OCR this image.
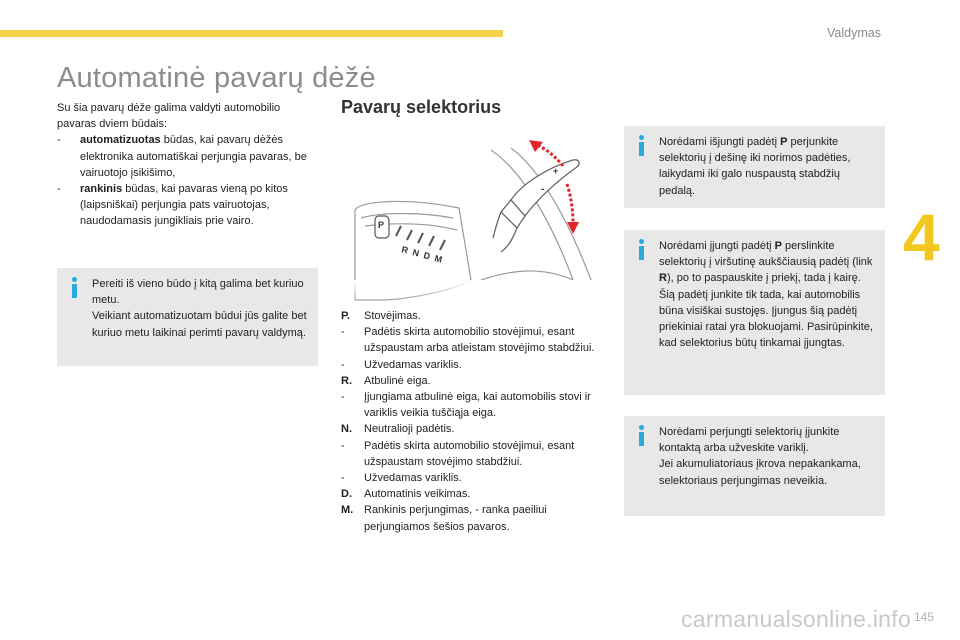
Valdymas
4
Automatinė pavarų dėžė
Su šia pavarų dėže galima valdyti automobilio pavaras dviem būdais:
-	automatizuotas būdas, kai pavarų dėžės elektronika automatiškai perjungia pavaras, be vairuotojo įsikišimo,
-	rankinis būdas, kai pavaras vieną po kitos (laipsniškai) perjungia pats vairuotojas, naudodamasis jungikliais prie vairo.
Pereiti iš vieno būdo į kitą galima bet kuriuo metu.
Veikiant automatizuotam būdui jūs galite bet kuriuo metu laikinai perimti pavarų valdymą.
Pavarų selektorius
P
R N D M
+
-
P.	Stovėjimas.
-	Padėtis skirta automobilio stovėjimui, esant užspaustam arba atleistam stovėjimo stabdžiui.
-	Užvedamas variklis.
R.	Atbulinė eiga.
-	Įjungiama atbulinė eiga, kai automobilis stovi ir variklis veikia tuščiąja eiga.
N.	Neutralioji padėtis.
-	Padėtis skirta automobilio stovėjimui, esant užspaustam stovėjimo stabdžiui.
-	Užvedamas variklis.
D.	Automatinis veikimas.
M. Rankinis perjungimas, - ranka paeiliui perjungiamos šešios pavaros.
Norėdami išjungti padėtį P perjunkite selektorių į dešinę iki norimos padėties, laikydami iki galo nuspaustą stabdžių pedalą.
Norėdami įjungti padėtį P perslinkite selektorių į viršutinę aukščiausią padėtį (link R), po to paspauskite į priekį, tada į kairę.
Šią padėtį junkite tik tada, kai automobilis būna visiškai sustojęs. Įjungus šią padėtį priekiniai ratai yra blokuojami. Pasirūpinkite, kad selektorius būtų tinkamai įjungtas.
Norėdami perjungti selektorių įjunkite kontaktą arba užveskite variklį.
Jei akumuliatoriaus įkrova nepakankama, selektoriaus perjungimas neveikia.
carmanualsonline.info 145
